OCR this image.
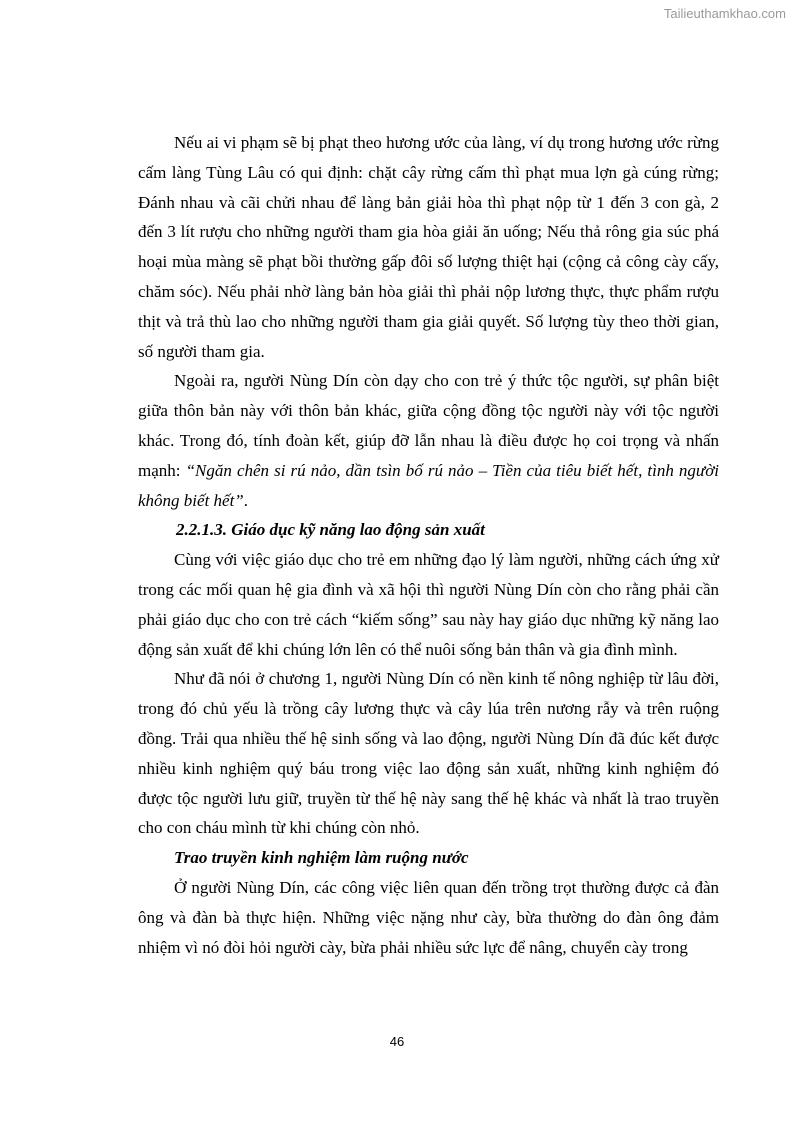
Tailieuthamkhao.com

Nếu ai vi phạm sẽ bị phạt theo hương ước của làng, ví dụ trong hương ước rừng cấm làng Tùng Lâu có qui định: chặt cây rừng cấm thì phạt mua lợn gà cúng rừng; Đánh nhau và cãi chửi nhau để làng bản giải hòa thì phạt nộp từ 1 đến 3 con gà, 2 đến 3 lít rượu cho những người tham gia hòa giải ăn uống; Nếu thả rông gia súc phá hoại mùa màng sẽ phạt bồi thường gấp đôi số lượng thiệt hại (cộng cả công cày cấy, chăm sóc). Nếu phải nhờ làng bản hòa giải thì phải nộp lương thực, thực phẩm rượu thịt và trả thù lao cho những người tham gia giải quyết. Số lượng tùy theo thời gian, số người tham gia.

Ngoài ra, người Nùng Dín còn dạy cho con trẻ ý thức tộc người, sự phân biệt giữa thôn bản này với thôn bản khác, giữa cộng đồng tộc người này với tộc người khác. Trong đó, tính đoàn kết, giúp đỡ lẫn nhau là điều được họ coi trọng và nhấn mạnh: “Ngăn chên si rú nảo, dần tsìn bố rú nảo – Tiền của tiêu biết hết, tình người không biết hết”.

2.2.1.3. Giáo dục kỹ năng lao động sản xuất

Cùng với việc giáo dục cho trẻ em những đạo lý làm người, những cách ứng xử trong các mối quan hệ gia đình và xã hội thì người Nùng Dín còn cho rằng phải cần phải giáo dục cho con trẻ cách “kiếm sống” sau này hay giáo dục những kỹ năng lao động sản xuất để khi chúng lớn lên có thể nuôi sống bản thân và gia đình mình.

Như đã nói ở chương 1, người Nùng Dín có nền kinh tế nông nghiệp từ lâu đời, trong đó chủ yếu là trồng cây lương thực và cây lúa trên nương rẫy và trên ruộng đồng. Trải qua nhiều thế hệ sinh sống và lao động, người Nùng Dín đã đúc kết được nhiều kinh nghiệm quý báu trong việc lao động sản xuất, những kinh nghiệm đó được tộc người lưu giữ, truyền từ thế hệ này sang thế hệ khác và nhất là trao truyền cho con cháu mình từ khi chúng còn nhỏ.

Trao truyền kinh nghiệm làm ruộng nước

Ở người Nùng Dín, các công việc liên quan đến trồng trọt thường được cả đàn ông và đàn bà thực hiện. Những việc nặng như cày, bừa thường do đàn ông đảm nhiệm vì nó đòi hỏi người cày, bừa phải nhiều sức lực để nâng, chuyển cày trong

46
